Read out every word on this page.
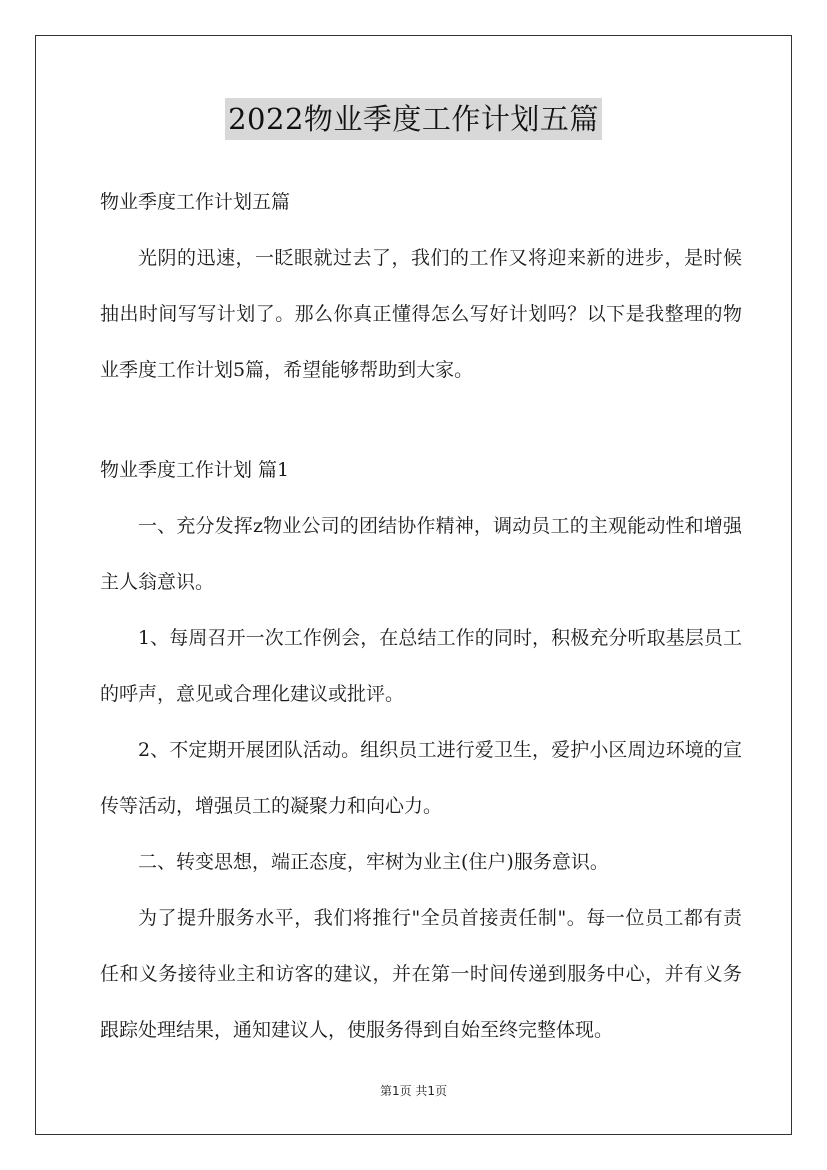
2022物业季度工作计划五篇

物业季度工作计划五篇

光阴的迅速，一眨眼就过去了，我们的工作又将迎来新的进步，是时候抽出时间写写计划了。那么你真正懂得怎么写好计划吗？以下是我整理的物业季度工作计划5篇，希望能够帮助到大家。

物业季度工作计划 篇1

一、充分发挥z物业公司的团结协作精神，调动员工的主观能动性和增强主人翁意识。

1、每周召开一次工作例会，在总结工作的同时，积极充分听取基层员工的呼声，意见或合理化建议或批评。

2、不定期开展团队活动。组织员工进行爱卫生，爱护小区周边环境的宣传等活动，增强员工的凝聚力和向心力。

二、转变思想，端正态度，牢树为业主(住户)服务意识。

为了提升服务水平，我们将推行"全员首接责任制"。每一位员工都有责任和义务接待业主和访客的建议，并在第一时间传递到服务中心，并有义务跟踪处理结果，通知建议人，使服务得到自始至终完整体现。

第1页 共1页
